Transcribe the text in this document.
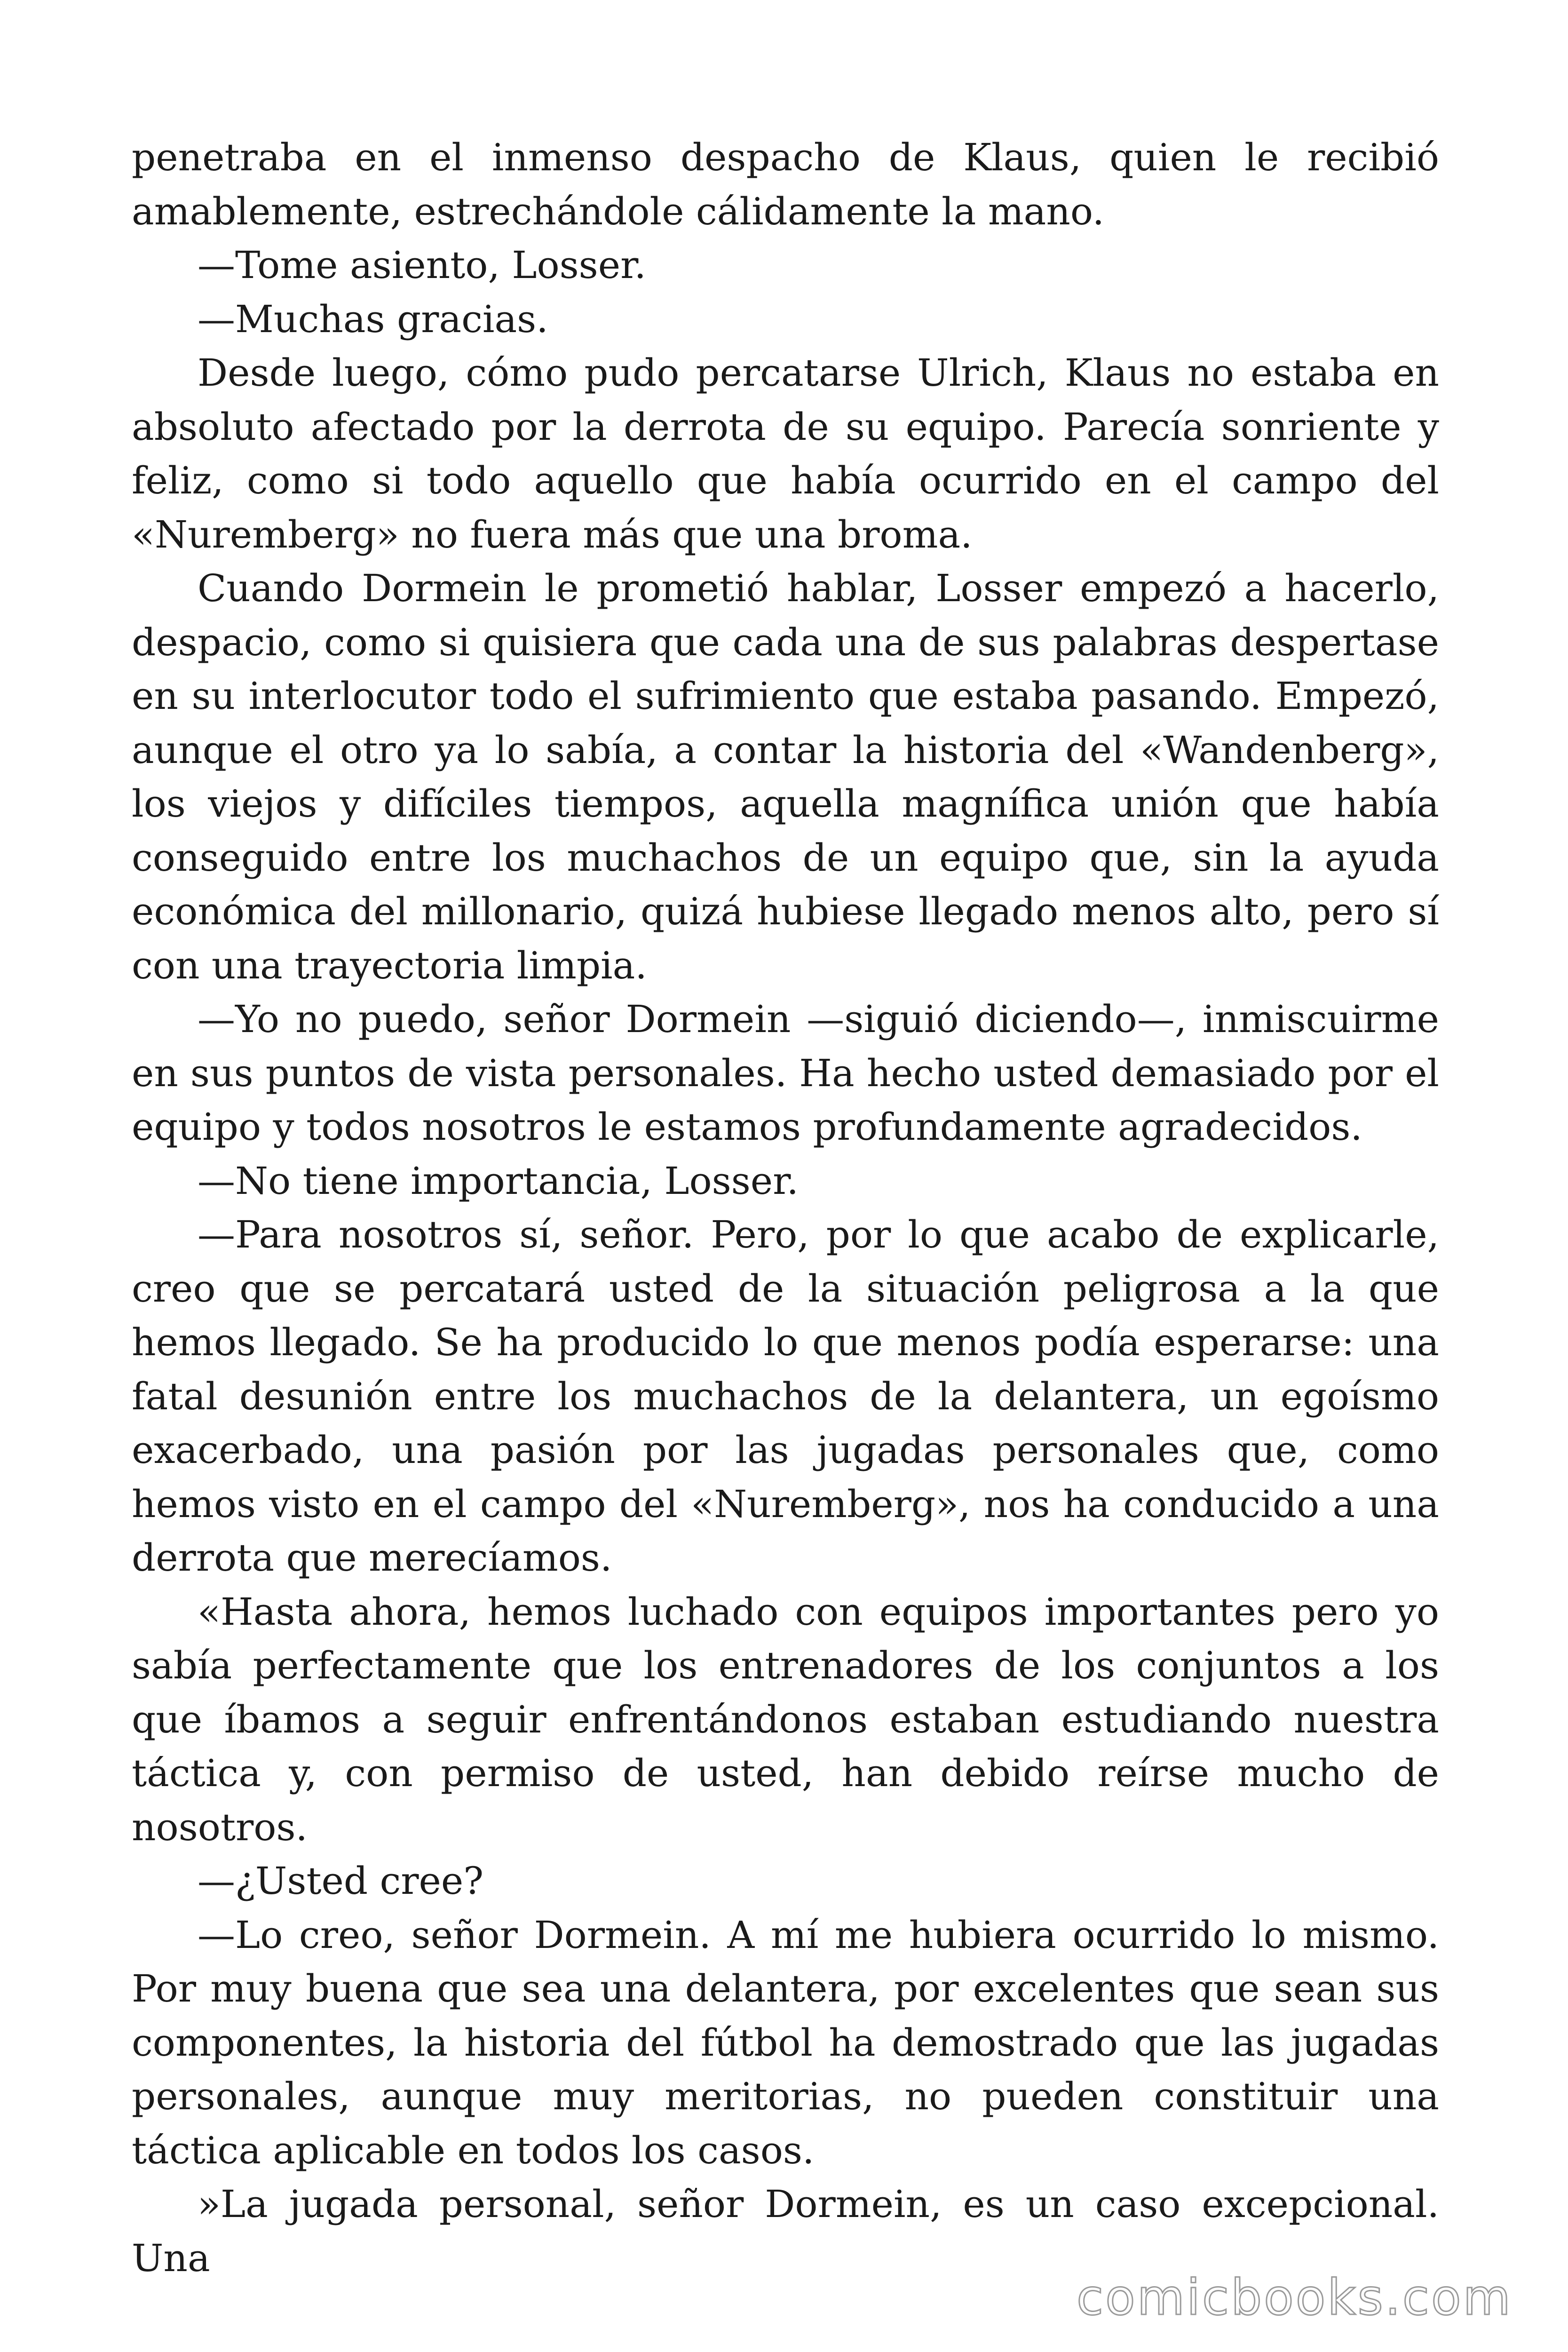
penetraba en el inmenso despacho de Klaus, quien le recibió amablemente, estrechándole cálidamente la mano.

—Tome asiento, Losser.

—Muchas gracias.

Desde luego, cómo pudo percatarse Ulrich, Klaus no estaba en absoluto afectado por la derrota de su equipo. Parecía sonriente y feliz, como si todo aquello que había ocurrido en el campo del «Nuremberg» no fuera más que una broma.

Cuando Dormein le prometió hablar, Losser empezó a hacerlo, despacio, como si quisiera que cada una de sus palabras despertase en su interlocutor todo el sufrimiento que estaba pasando. Empezó, aunque el otro ya lo sabía, a contar la historia del «Wandenberg», los viejos y difíciles tiempos, aquella magnífica unión que había conseguido entre los muchachos de un equipo que, sin la ayuda económica del millonario, quizá hubiese llegado menos alto, pero sí con una trayectoria limpia.

—Yo no puedo, señor Dormein —siguió diciendo—, inmiscuirme en sus puntos de vista personales. Ha hecho usted demasiado por el equipo y todos nosotros le estamos profundamente agradecidos.

—No tiene importancia, Losser.

—Para nosotros sí, señor. Pero, por lo que acabo de explicarle, creo que se percatará usted de la situación peligrosa a la que hemos llegado. Se ha producido lo que menos podía esperarse: una fatal desunión entre los muchachos de la delantera, un egoísmo exacerbado, una pasión por las jugadas personales que, como hemos visto en el campo del «Nuremberg», nos ha conducido a una derrota que merecíamos.

«Hasta ahora, hemos luchado con equipos importantes pero yo sabía perfectamente que los entrenadores de los conjuntos a los que íbamos a seguir enfrentándonos estaban estudiando nuestra táctica y, con permiso de usted, han debido reírse mucho de nosotros.

—¿Usted cree?

—Lo creo, señor Dormein. A mí me hubiera ocurrido lo mismo. Por muy buena que sea una delantera, por excelentes que sean sus componentes, la historia del fútbol ha demostrado que las jugadas personales, aunque muy meritorias, no pueden constituir una táctica aplicable en todos los casos.

»La jugada personal, señor Dormein, es un caso excepcional. Una

comicbooks.com
